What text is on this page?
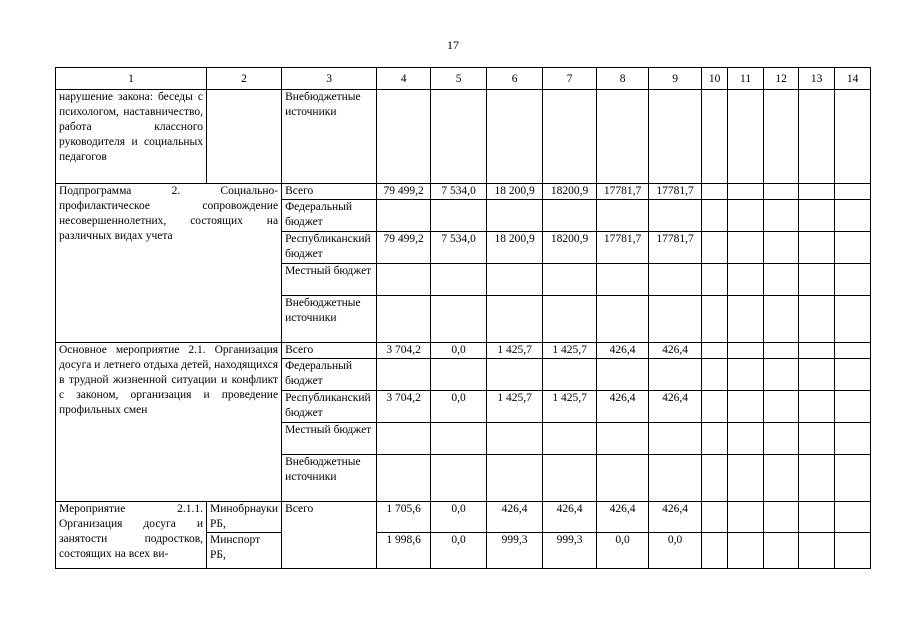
17
1	2	3	4	5	6	7	8	9	10	11	12	13	14
нарушение закона: беседы с психологом, наставничество, работа классного руководителя и социальных педагогов		Внебюджетные источники											
Подпрограмма 2. Социально-профилактическое сопровождение несовершеннолетних, состоящих на различных видах учета		Всего	79 499,2	7 534,0	18 200,9	18200,9	17781,7	17781,7					
		Федеральный бюджет											
		Республиканский бюджет	79 499,2	7 534,0	18 200,9	18200,9	17781,7	17781,7					
		Местный бюджет											
		Внебюджетные источники											
Основное мероприятие 2.1. Организация досуга и летнего отдыха детей, находящихся в трудной жизненной ситуации и конфликт с законом, организация и проведение профильных смен		Всего	3 704,2	0,0	1 425,7	1 425,7	426,4	426,4					
		Федеральный бюджет											
		Республиканский бюджет	3 704,2	0,0	1 425,7	1 425,7	426,4	426,4					
		Местный бюджет											
		Внебюджетные источники											
Мероприятие 2.1.1. Организация досуга и занятости подростков, состоящих на всех ви-	Минобрнауки РБ,	Всего	1 705,6	0,0	426,4	426,4	426,4	426,4					
	Минспорт РБ,		1 998,6	0,0	999,3	999,3	0,0	0,0					
